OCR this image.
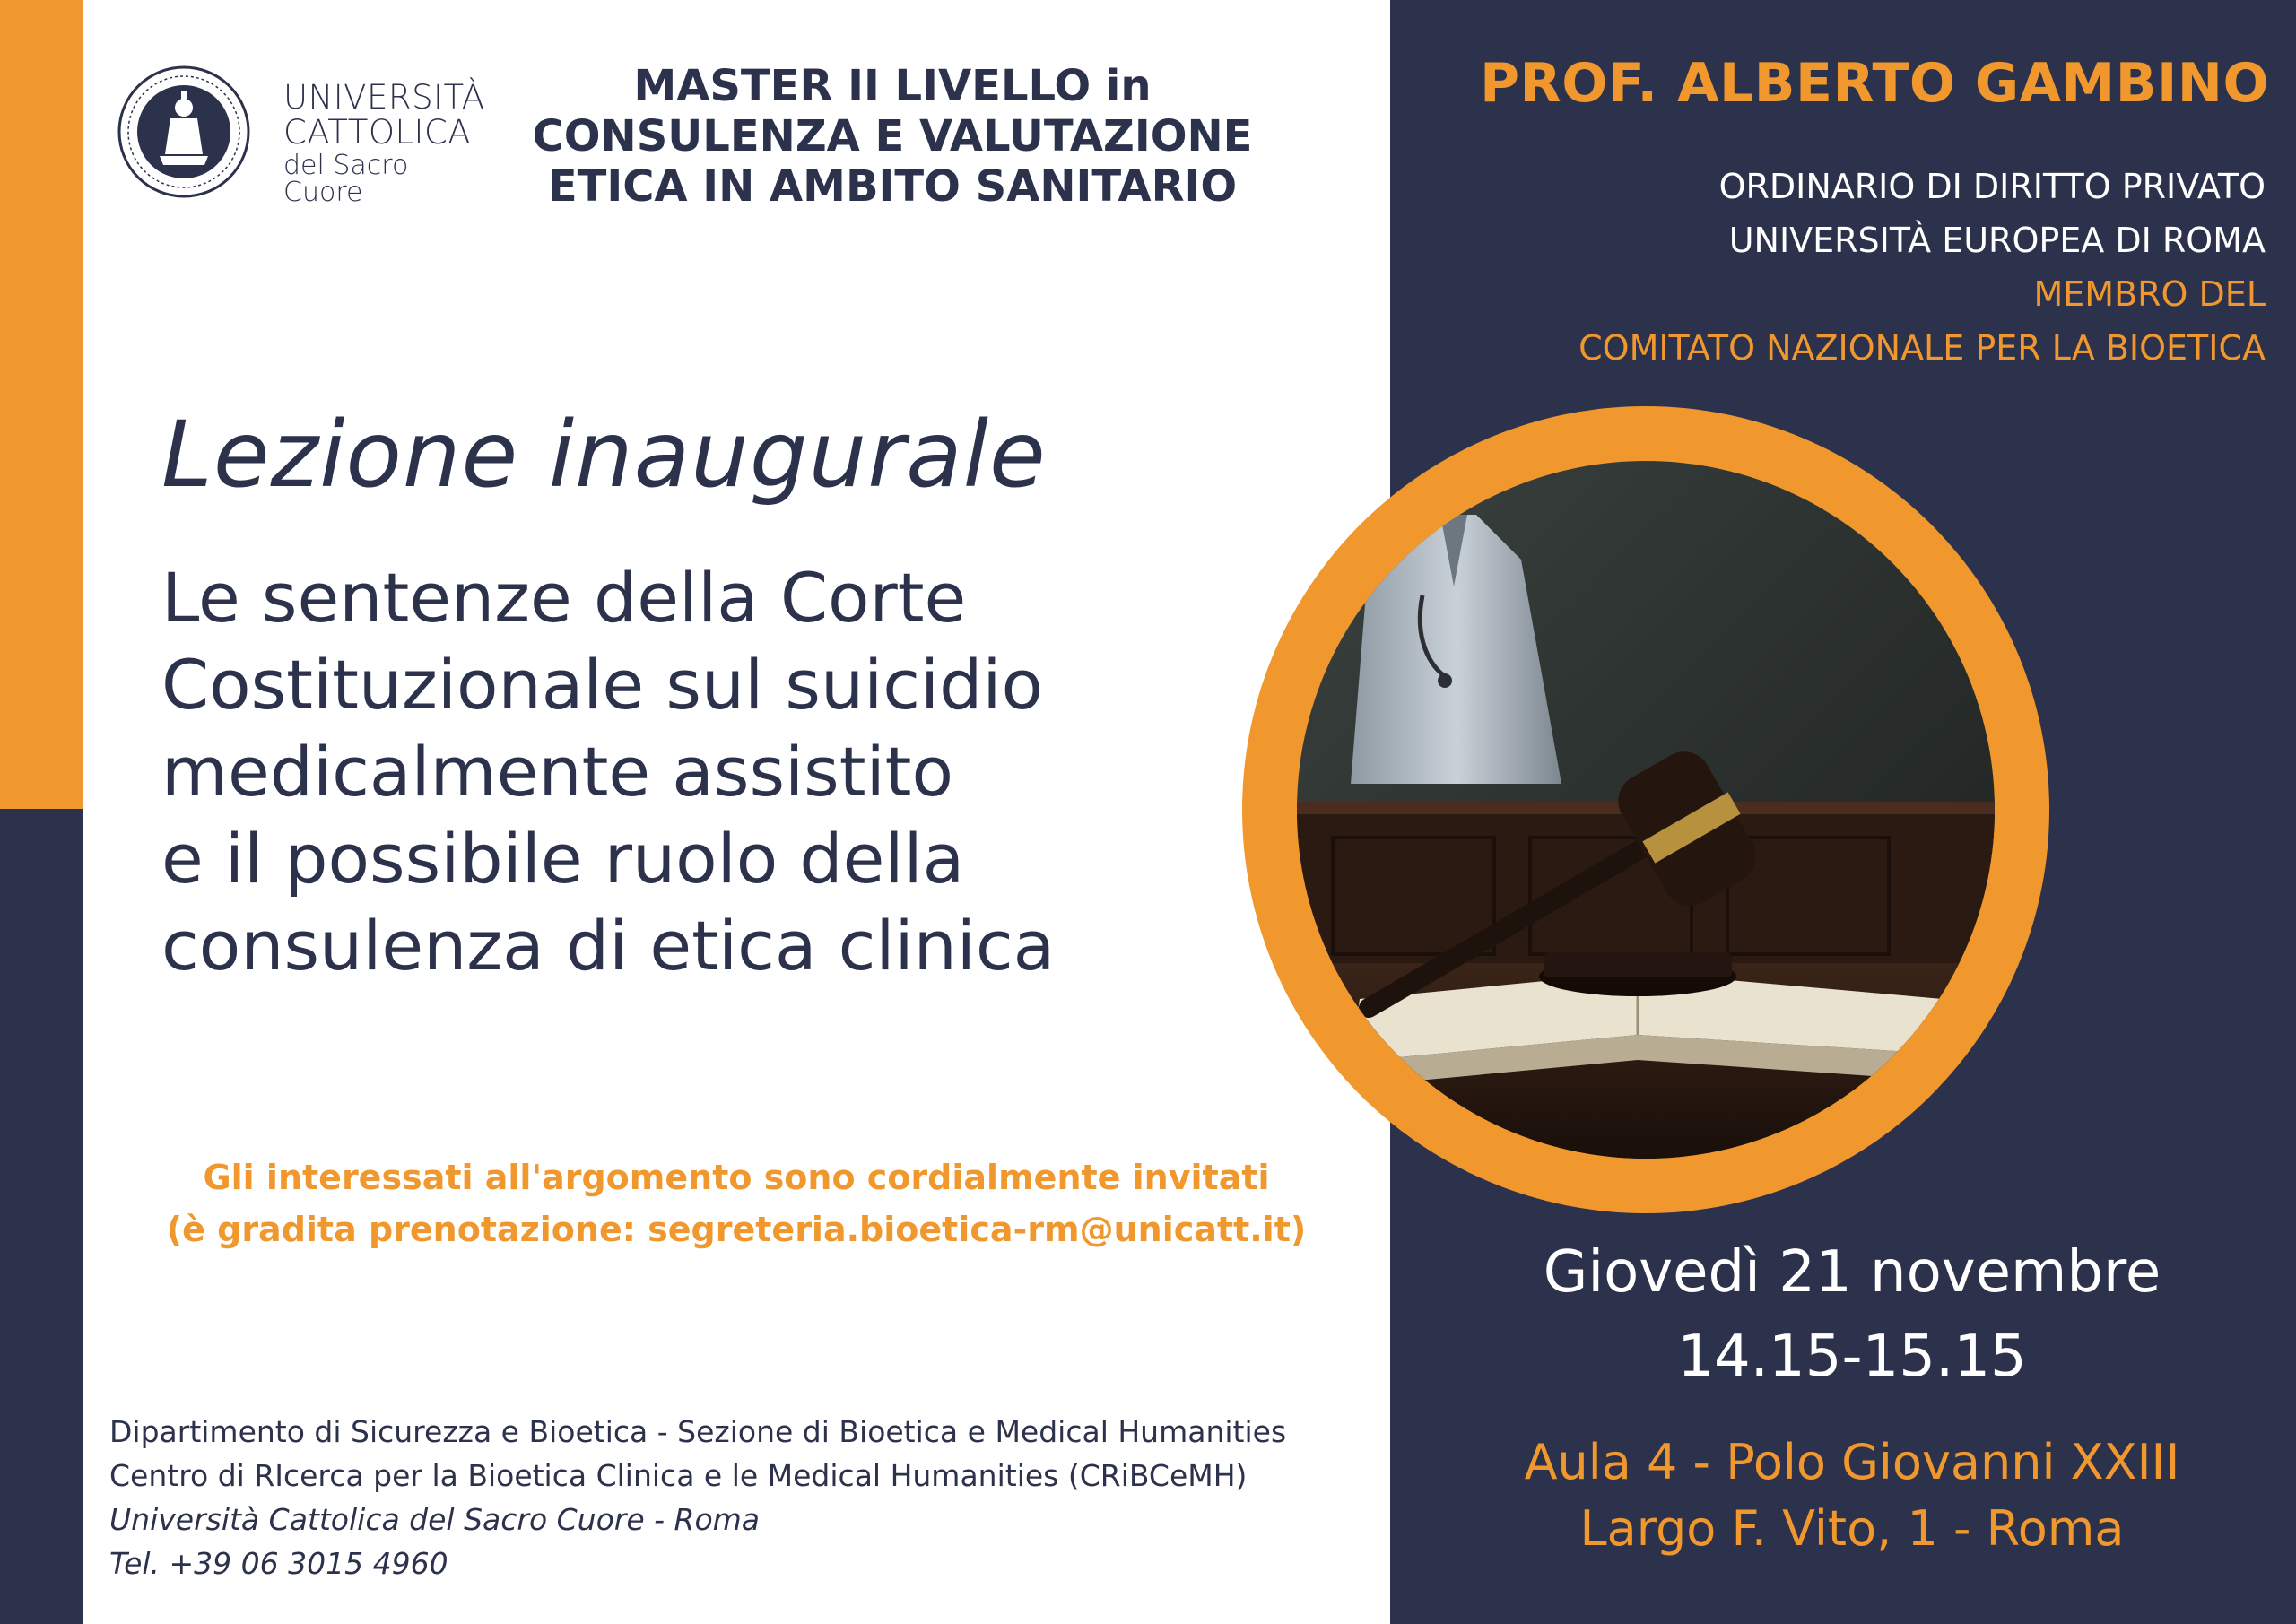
UNIVERSITÀ
CATTOLICA
del Sacro Cuore
MASTER II LIVELLO in
CONSULENZA E VALUTAZIONE
ETICA IN AMBITO SANITARIO
Lezione inaugurale
Le sentenze della Corte
Costituzionale sul suicidio
medicalmente assistito
e il possibile ruolo della
consulenza di etica clinica
Gli interessati all'argomento sono cordialmente invitati
(è gradita prenotazione: segreteria.bioetica-rm@unicatt.it)
Dipartimento di Sicurezza e Bioetica - Sezione di Bioetica e Medical Humanities
Centro di RIcerca per la Bioetica Clinica e le Medical Humanities (CRiBCeMH)
Università Cattolica del Sacro Cuore - Roma
Tel. +39 06 3015 4960
PROF. ALBERTO GAMBINO
ORDINARIO DI DIRITTO PRIVATO
UNIVERSITÀ EUROPEA DI ROMA
MEMBRO DEL
COMITATO NAZIONALE PER LA BIOETICA
Giovedì 21 novembre
14.15-15.15
Aula 4 - Polo Giovanni XXIII
Largo F. Vito, 1 - Roma
